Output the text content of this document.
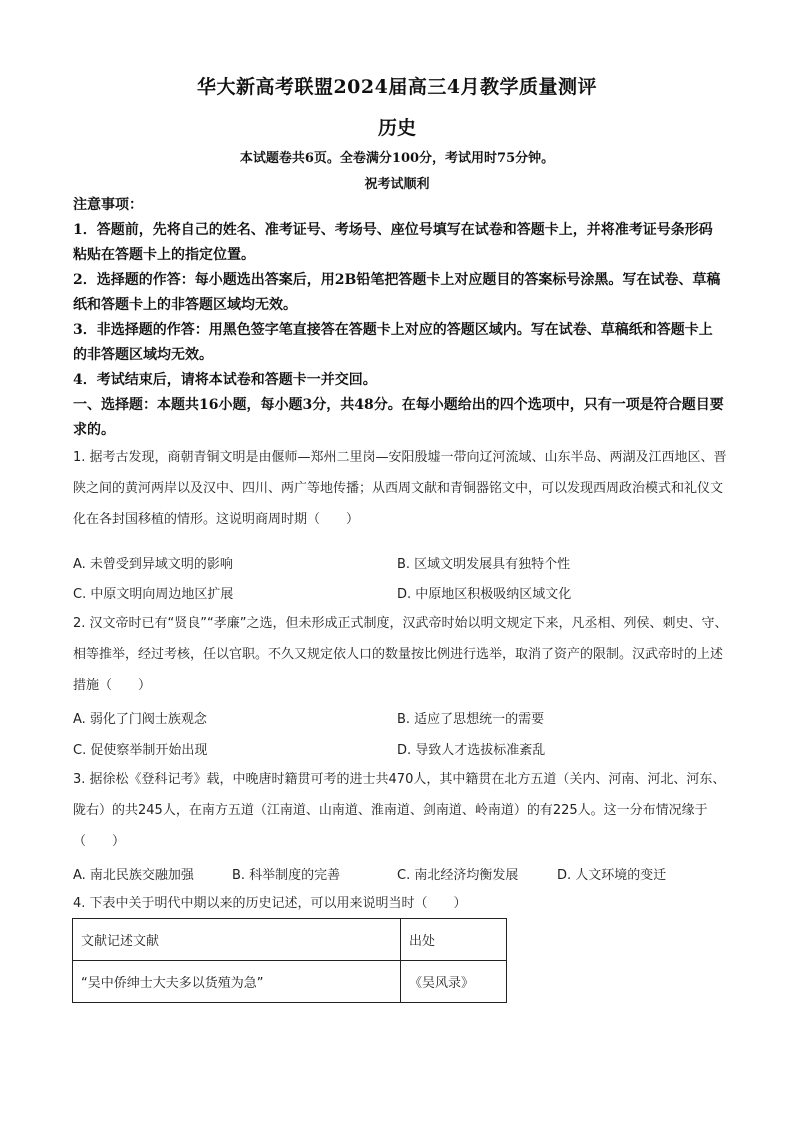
华大新高考联盟2024届高三4月教学质量测评
历史
本试题卷共6页。全卷满分100分，考试用时75分钟。
祝考试顺利
注意事项：
1．答题前，先将自己的姓名、准考证号、考场号、座位号填写在试卷和答题卡上，并将准考证号条形码粘贴在答题卡上的指定位置。
2．选择题的作答：每小题选出答案后，用2B铅笔把答题卡上对应题目的答案标号涂黑。写在试卷、草稿纸和答题卡上的非答题区域均无效。
3．非选择题的作答：用黑色签字笔直接答在答题卡上对应的答题区域内。写在试卷、草稿纸和答题卡上的非答题区域均无效。
4．考试结束后，请将本试卷和答题卡一并交回。
一、选择题：本题共16小题，每小题3分，共48分。在每小题给出的四个选项中，只有一项是符合题目要求的。
1. 据考古发现，商朝青铜文明是由偃师—郑州二里岗—安阳殷墟一带向辽河流域、山东半岛、两湖及江西地区、晋陕之间的黄河两岸以及汉中、四川、两广等地传播；从西周文献和青铜器铭文中，可以发现西周政治模式和礼仪文化在各封国移植的情形。这说明商周时期（　　）
A. 未曾受到异域文明的影响	B. 区域文明发展具有独特个性
C. 中原文明向周边地区扩展	D. 中原地区积极吸纳区域文化
2. 汉文帝时已有“贤良”“孝廉”之选，但未形成正式制度，汉武帝时始以明文规定下来，凡丞相、列侯、刺史、守、相等推举，经过考核，任以官职。不久又规定依人口的数量按比例进行选举，取消了资产的限制。汉武帝时的上述措施（　　）
A. 弱化了门阀士族观念	B. 适应了思想统一的需要
C. 促使察举制开始出现	D. 导致人才选拔标准紊乱
3. 据徐松《登科记考》载，中晚唐时籍贯可考的进士共470人，其中籍贯在北方五道（关内、河南、河北、河东、陇右）的共245人，在南方五道（江南道、山南道、淮南道、剑南道、岭南道）的有225人。这一分布情况缘于（　　）
A. 南北民族交融加强	B. 科举制度的完善	C. 南北经济均衡发展	D. 人文环境的变迁
4. 下表中关于明代中期以来的历史记述，可以用来说明当时（　　）
文献记述文献	出处
“吴中侨绅士大夫多以货殖为急”	《吴风录》
